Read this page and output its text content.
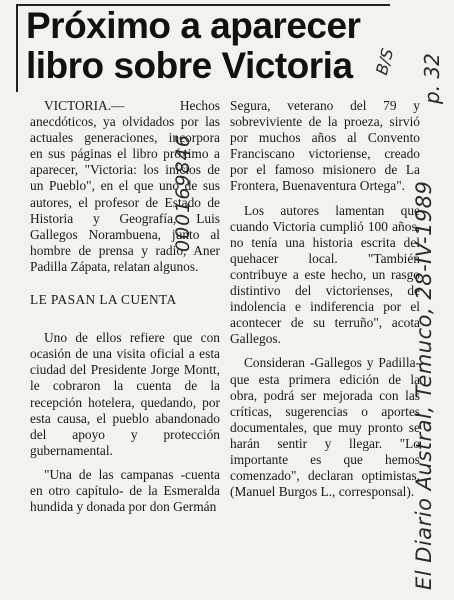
Próximo a aparecer
libro sobre Victoria

VICTORIA.— Hechos anecdóticos, ya olvidados por las actuales generaciones, incorpora en sus páginas el libro próximo a aparecer, "Victoria: los inicios de un Pueblo", en el que uno de sus autores, el profesor de Estado de Historia y Geografía, Luis Gallegos Norambuena, junto al hombre de prensa y radio, Aner Padilla Zápata, relatan algunos.

LE PASAN LA CUENTA

Uno de ellos refiere que con ocasión de una visita oficial a esta ciudad del Presidente Jorge Montt, le cobraron la cuenta de la recepción hotelera, quedando, por esta causa, el pueblo abandonado del apoyo y protección gubernamental.

"Una de las campanas -cuenta en otro capítulo- de la Esmeralda hundida y donada por don Germán

Segura, veterano del 79 y sobreviviente de la proeza, sirvió por muchos años al Convento Franciscano victoriense, creado por el famoso misionero de La Frontera, Buenaventura Ortega".

Los autores lamentan que cuando Victoria cumplió 100 años, no tenía una historia escrita del quehacer local. "También contribuye a este hecho, un rasgo distintivo del victorienses, de indolencia e indiferencia por el acontecer de su terruño", acota Gallegos.

Consideran -Gallegos y Padilla- que esta primera edición de la obra, podrá ser mejorada con las críticas, sugerencias o aportes documentales, que muy pronto se harán sentir y llegar. "Lo importante es que hemos comenzado", declaran optimistas. (Manuel Burgos L., corresponsal).

000169846
B/S p. 32
El Diario Austral, Temuco, 28-IV-1989
